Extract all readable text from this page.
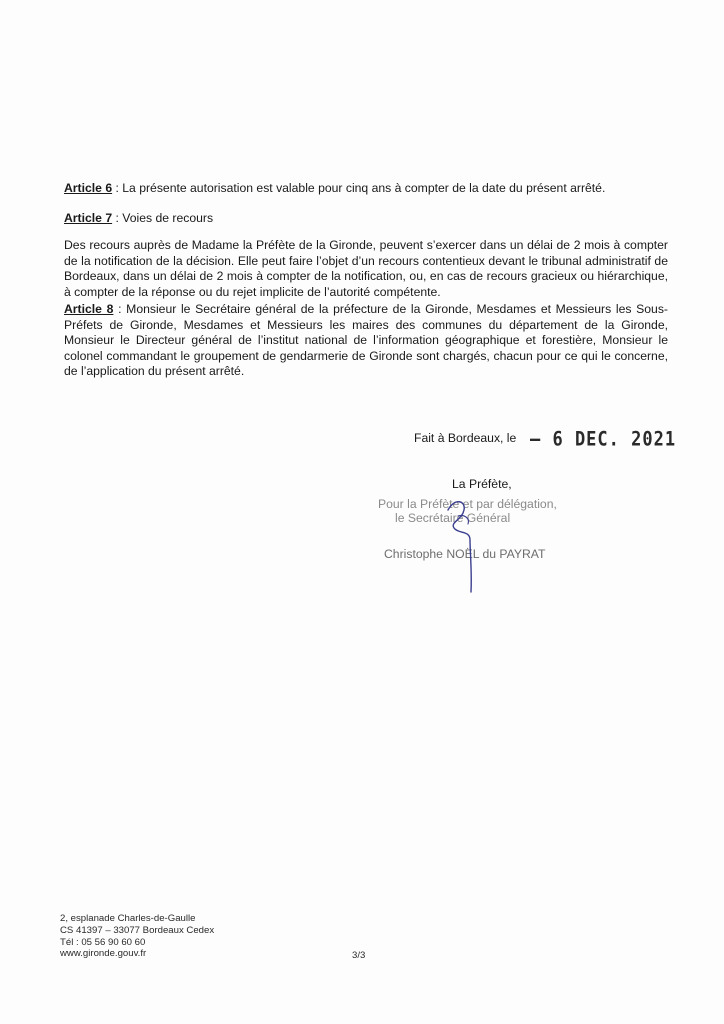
Article 6 : La présente autorisation est valable pour cinq ans à compter de la date du présent arrêté.

Article 7 : Voies de recours

Des recours auprès de Madame la Préfète de la Gironde, peuvent s’exercer dans un délai de 2 mois à compter de la notification de la décision. Elle peut faire l’objet d’un recours contentieux devant le tribunal administratif de Bordeaux, dans un délai de 2 mois à compter de la notification, ou, en cas de recours gracieux ou hiérarchique, à compter de la réponse ou du rejet implicite de l’autorité compétente.

Article 8 : Monsieur le Secrétaire général de la préfecture de la Gironde, Mesdames et Messieurs les Sous-Préfets de Gironde, Mesdames et Messieurs les maires des communes du département de la Gironde, Monsieur le Directeur général de l’institut national de l’information géographique et forestière, Monsieur le colonel commandant le groupement de gendarmerie de Gironde sont chargés, chacun pour ce qui le concerne, de l’application du présent arrêté.

Fait à Bordeaux, le – 6 DEC. 2021
La Préfète,
Pour la Préfète et par délégation,
le Secrétaire Général
Christophe NOËL du PAYRAT
2, esplanade Charles-de-Gaulle
CS 41397 – 33077 Bordeaux Cedex
Tél : 05 56 90 60 60
www.gironde.gouv.fr	3/3
